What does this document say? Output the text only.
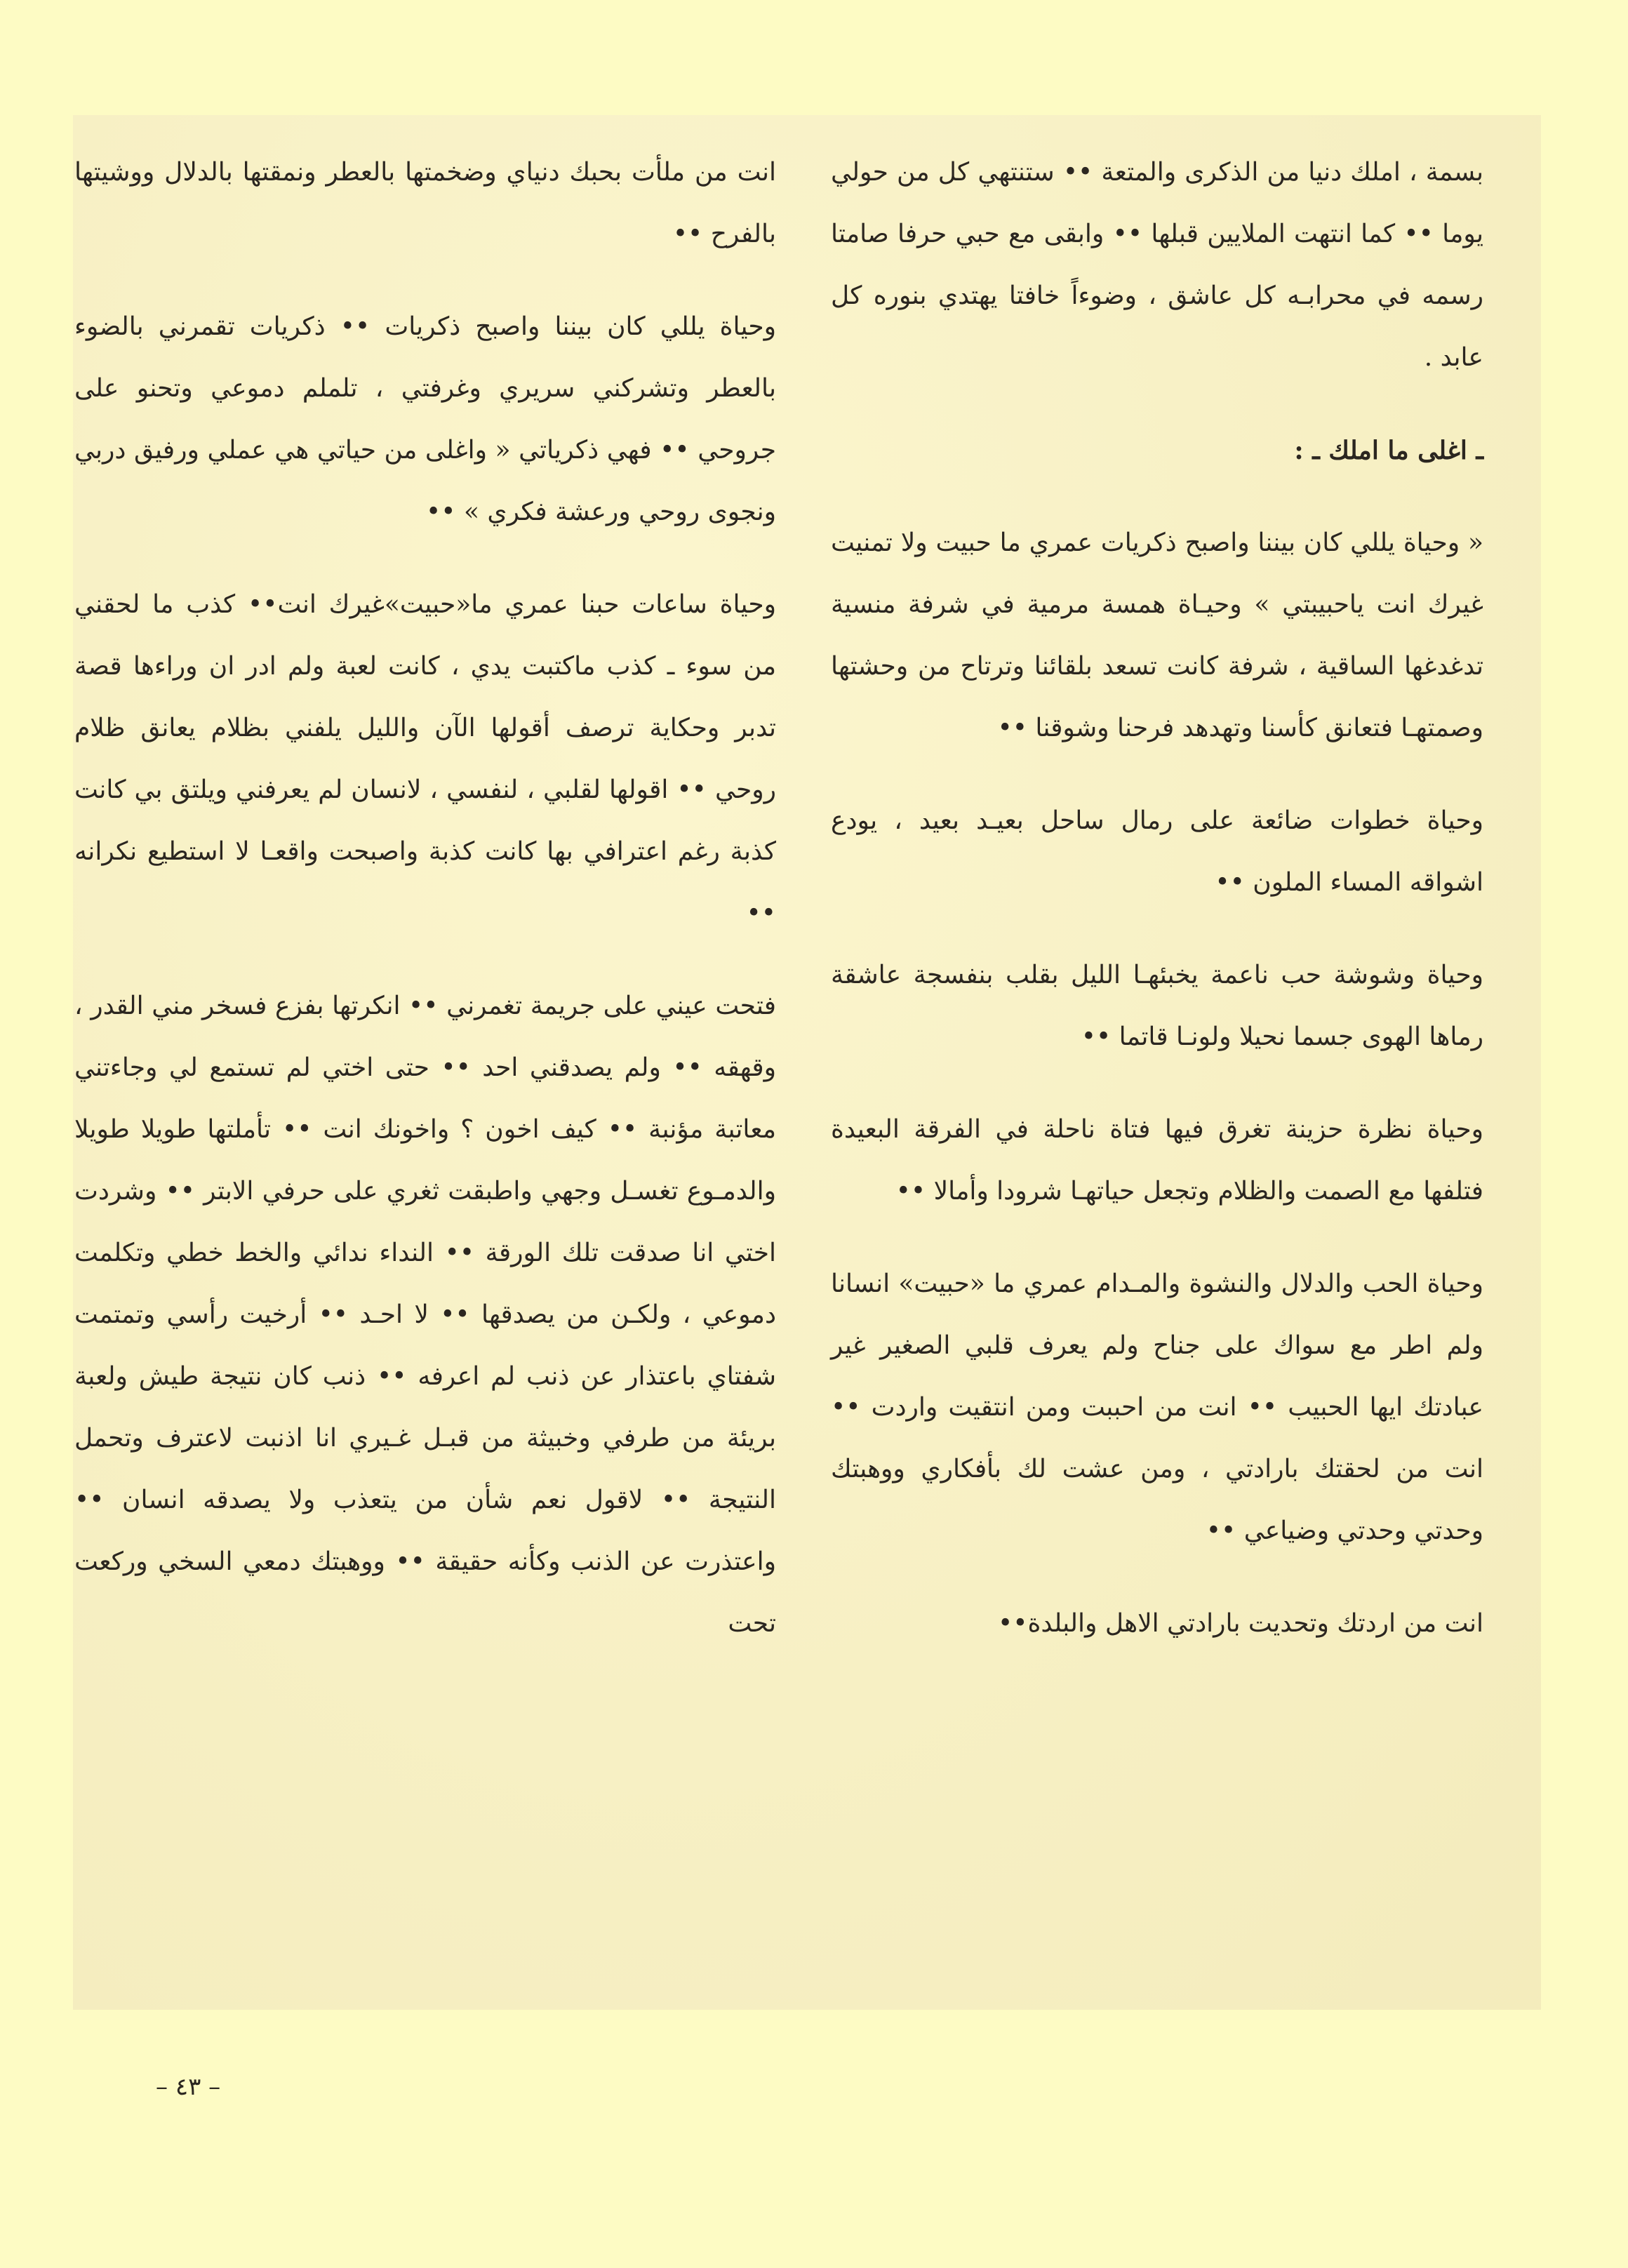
بسمة ، املك دنيا من الذكرى والمتعة •• ستنتهي كل من حولي يوما •• كما انتهت الملايين قبلها •• وابقى مع حبي حرفا صامتا رسمه في محرابـه كل عاشق ، وضوءاً خافتا يهتدي بنوره كل عابد .

ـ اغلى ما املك ـ :

« وحياة يللي كان بيننا واصبح ذكريات عمري ما حبيت ولا تمنيت غيرك انت ياحبيبتي » وحيـاة همسة مرمية في شرفة منسية تدغدغها الساقية ، شرفة كانت تسعد بلقائنا وترتاح من وحشتها وصمتهـا فتعانق كأسنا وتهدهد فرحنا وشوقنا ••

وحياة خطوات ضائعة على رمال ساحل بعيـد بعيد ، يودع اشواقه المساء الملون ••

وحياة وشوشة حب ناعمة يخبئهـا الليل بقلب بنفسجة عاشقة رماها الهوى جسما نحيلا ولونـا قاتما ••

وحياة نظرة حزينة تغرق فيها فتاة ناحلة في الفرقة البعيدة فتلفها مع الصمت والظلام وتجعل حياتهـا شرودا وأمالا ••

وحياة الحب والدلال والنشوة والمـدام عمري ما «حبيت» انسانا ولم اطر مع سواك على جناح ولم يعرف قلبي الصغير غير عبادتك ايها الحبيب •• انت من احببت ومن انتقيت واردت •• انت من لحقتك بارادتي ، ومن عشت لك بأفكاري ووهبتك وحدتي وحدتي وضياعي ••

انت من اردتك وتحديت بارادتي الاهل والبلدة••

انت من ملأت بحبك دنياي وضخمتها بالعطر ونمقتها بالدلال ووشيتها بالفرح ••

وحياة يللي كان بيننا واصبح ذكريات •• ذكريات تقمرني بالضوء بالعطر وتشركني سريري وغرفتي ، تلملم دموعي وتحنو على جروحي •• فهي ذكرياتي « واغلى من حياتي هي عملي ورفيق دربي ونجوى روحي ورعشة فكري » ••

وحياة ساعات حبنا عمري ما«حبيت»غيرك انت•• كذب ما لحقني من سوء ـ كذب ماكتبت يدي ، كانت لعبة ولم ادر ان وراءها قصة تدبر وحكاية ترصف أقولها الآن والليل يلفني بظلام يعانق ظلام روحي •• اقولها لقلبي ، لنفسي ، لانسان لم يعرفني ويلتق بي كانت كذبة رغم اعترافي بها كانت كذبة واصبحت واقعـا لا استطيع نكرانه ••

فتحت عيني على جريمة تغمرني •• انكرتها بفزع فسخر مني القدر ، وقهقه •• ولم يصدقني احد •• حتى اختي لم تستمع لي وجاءتني معاتبة مؤنبة •• كيف اخون ؟ واخونك انت •• تأملتها طويلا طويلا والدمـوع تغسـل وجهي واطبقت ثغري على حرفي الابتر •• وشردت اختي انا صدقت تلك الورقة •• النداء ندائي والخط خطي وتكلمت دموعي ، ولكـن من يصدقها •• لا احـد •• أرخيت رأسي وتمتمت شفتاي باعتذار عن ذنب لم اعرفه •• ذنب كان نتيجة طيش ولعبة بريئة من طرفي وخبيثة من قبـل غـيري انا اذنبت لاعترف وتحمل النتيجة •• لاقول نعم شأن من يتعذب ولا يصدقه انسان •• واعتذرت عن الذنب وكأنه حقيقة •• ووهبتك دمعي السخي وركعت تحت

– ٤٣ –
